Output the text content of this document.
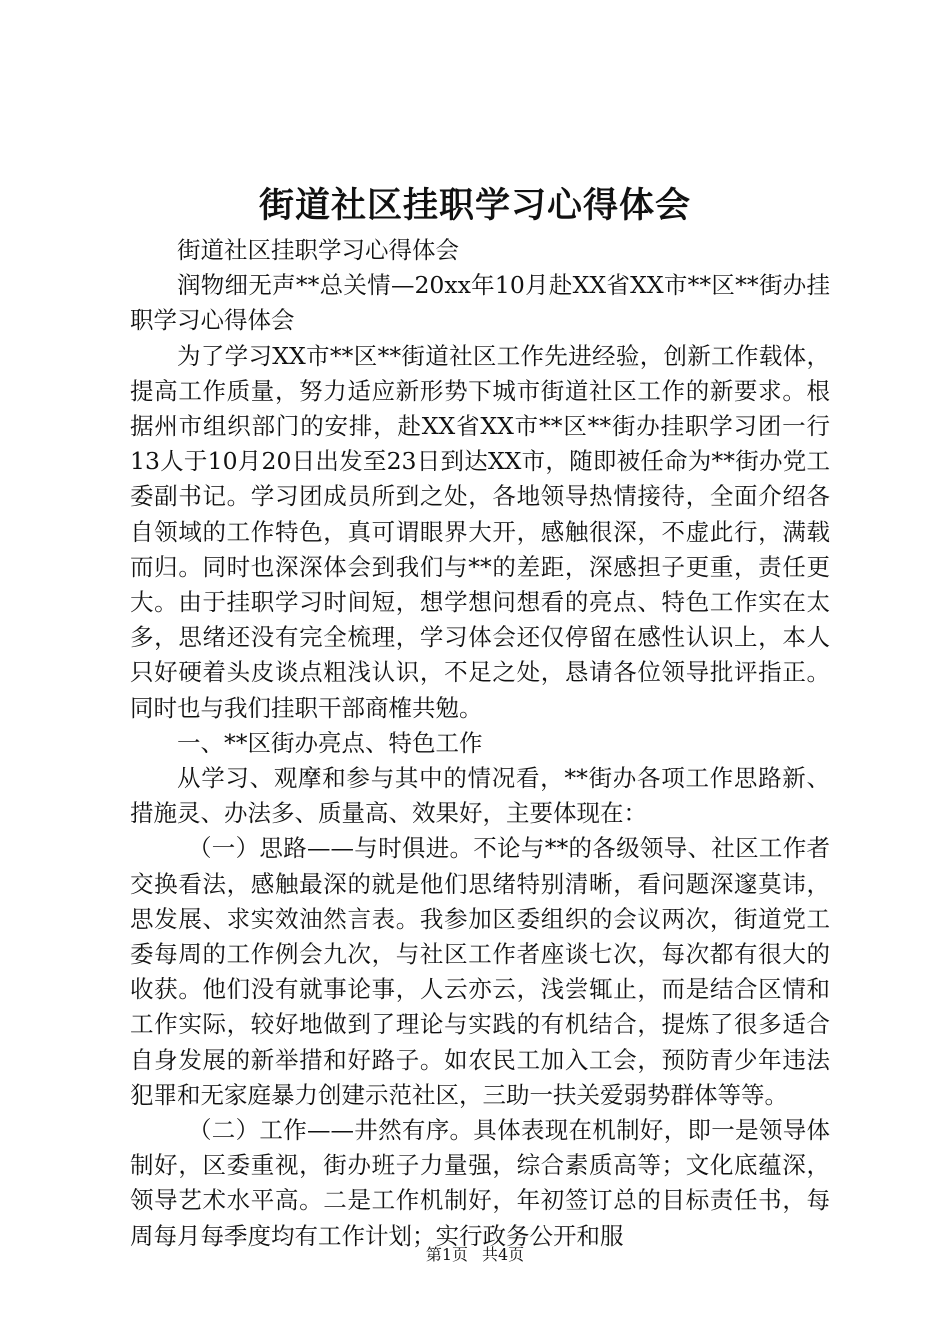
街道社区挂职学习心得体会

街道社区挂职学习心得体会

润物细无声**总关情—20xx年10月赴XX省XX市**区**街办挂职学习心得体会

为了学习XX市**区**街道社区工作先进经验，创新工作载体，提高工作质量，努力适应新形势下城市街道社区工作的新要求。根据州市组织部门的安排，赴XX省XX市**区**街办挂职学习团一行13人于10月20日出发至23日到达XX市，随即被任命为**街办党工委副书记。学习团成员所到之处，各地领导热情接待，全面介绍各自领域的工作特色，真可谓眼界大开，感触很深，不虚此行，满载而归。同时也深深体会到我们与**的差距，深感担子更重，责任更大。由于挂职学习时间短，想学想问想看的亮点、特色工作实在太多，思绪还没有完全梳理，学习体会还仅停留在感性认识上，本人只好硬着头皮谈点粗浅认识，不足之处，恳请各位领导批评指正。同时也与我们挂职干部商榷共勉。

一、**区街办亮点、特色工作

从学习、观摩和参与其中的情况看，**街办各项工作思路新、措施灵、办法多、质量高、效果好，主要体现在：

（一）思路——与时俱进。不论与**的各级领导、社区工作者交换看法，感触最深的就是他们思绪特别清晰，看问题深邃莫讳，思发展、求实效油然言表。我参加区委组织的会议两次，街道党工委每周的工作例会九次，与社区工作者座谈七次，每次都有很大的收获。他们没有就事论事，人云亦云，浅尝辄止，而是结合区情和工作实际，较好地做到了理论与实践的有机结合，提炼了很多适合自身发展的新举措和好路子。如农民工加入工会，预防青少年违法犯罪和无家庭暴力创建示范社区，三助一扶关爱弱势群体等等。

（二）工作——井然有序。具体表现在机制好，即一是领导体制好，区委重视，街办班子力量强，综合素质高等；文化底蕴深，领导艺术水平高。二是工作机制好，年初签订总的目标责任书，每周每月每季度均有工作计划；实行政务公开和服

第1页 共4页
